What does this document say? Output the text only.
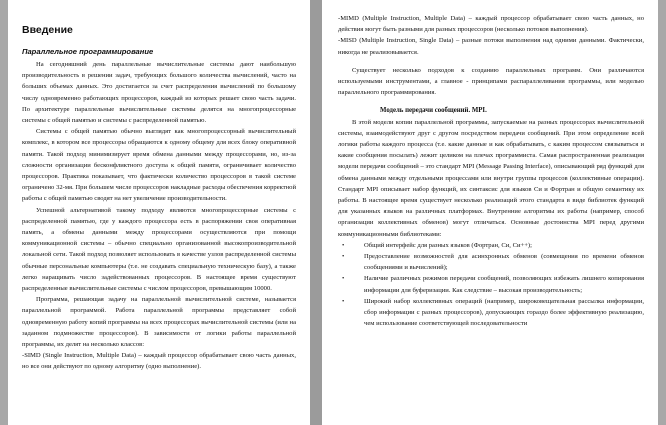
Введение
Параллельное программирование

На сегодняшний день параллельные вычислительные системы дают наибольшую производительность в решении задач, требующих большого количества вычислений, часто на больших объемах данных. Это достигается за счет распределения вычислений по большому числу одновременно работающих процессоров, каждый из которых решает свою часть задачи. По архитектуре параллельные вычислительные системы делятся на многопроцессорные системы с общей памятью и системы с распределенной памятью.

Системы с общей памятью обычно выглядят как многопроцессорный вычислительный комплекс, в котором все процессоры обращаются к одному общему для всех блоку оперативной памяти. Такой подход минимизирует время обмена данными между процессорами, но, из-за сложности организации бесконфликтного доступа к общей памяти, ограничивает количество процессоров. Практика показывает, что фактически количество процессоров в такой системе ограничено 32-мя. При большем числе процессоров накладные расходы обеспечения корректной работы с общей памятью сводят на нет увеличение производительности.

Успешной альтернативой такому подходу являются многопроцессорные системы с распределенной памятью, где у каждого процессора есть в распоряжении своя оперативная память, а обмены данными между процессорами осуществляются при помощи коммуникационной системы – обычно специально организованной высокопроизводительной локальной сети. Такой подход позволяет использовать в качестве узлов распределенной системы обычные персональные компьютеры (т.е. не создавать специальную техническую базу), а также легко наращивать число задействованных процессоров. В настоящее время существуют распределенные вычислительные системы с числом процессоров, превышающим 10000.

Программа, решающая задачу на параллельной вычислительной системе, называется параллельной программой. Работа параллельной программы представляет собой одновременную работу копий программы на всех процессорах вычислительной системы (или на заданном подмножестве процессоров). В зависимости от логики работы параллельной программы, их делят на несколько классов:

-SIMD (Single Instruction, Multiple Data) – каждый процессор обрабатывает свою часть данных, но все они действуют по одному алгоритму (одно выполнение).

-MIMD (Multiple Instruction, Multiple Data) – каждый процессор обрабатывает свою часть данных, но действия могут быть разными для разных процессоров (несколько потоков выполнения).

-MISD (Multiple Instruction, Single Data) – разные потоки выполнения над одними данными. Фактически, никогда не реализовывается.

Существует несколько подходов к созданию параллельных программ. Они различаются используемыми инструментами, а главное - принципами распараллеливания программы, или моделью параллельного программирования.

Модель передачи сообщений. MPI.

В этой модели копии параллельной программы, запускаемые на разных процессорах вычислительной системы, взаимодействуют друг с другом посредством передачи сообщений. При этом определение всей логики работы каждого процесса (т.е. какие данные и как обрабатывать, с каким процессом связываться и какие сообщения посылать) лежит целиком на плечах программиста. Самая распространенная реализация модели передачи сообщений – это стандарт MPI (Message Passing Interface), описывающий ряд функций для обмена данными между отдельными процессами или внутри группы процессов (коллективные операции). Стандарт MPI описывает набор функций, их синтаксис для языков Си и Фортран и общую семантику их работы. В настоящее время существует несколько реализаций этого стандарта в виде библиотек функций для указанных языков на различных платформах. Внутренние алгоритмы их работы (например, способ организации коллективных обменов) могут отличаться. Основные достоинства MPI перед другими коммуникационными библиотеками:

•	Общий интерфейс для разных языков (Фортран, Си, Си++);

•	Предоставление возможностей для асинхронных обменов (совмещения по времени обменов сообщениями и вычислений);

•	Наличие различных режимов передачи сообщений, позволяющих избежать лишнего копирования информации для буферизации. Как следствие – высокая производительность;

•	Широкий набор коллективных операций (например, широковещательная рассылка информации, сбор информации с разных процессоров), допускающих гораздо более эффективную реализацию, чем использование соответствующей последовательности
